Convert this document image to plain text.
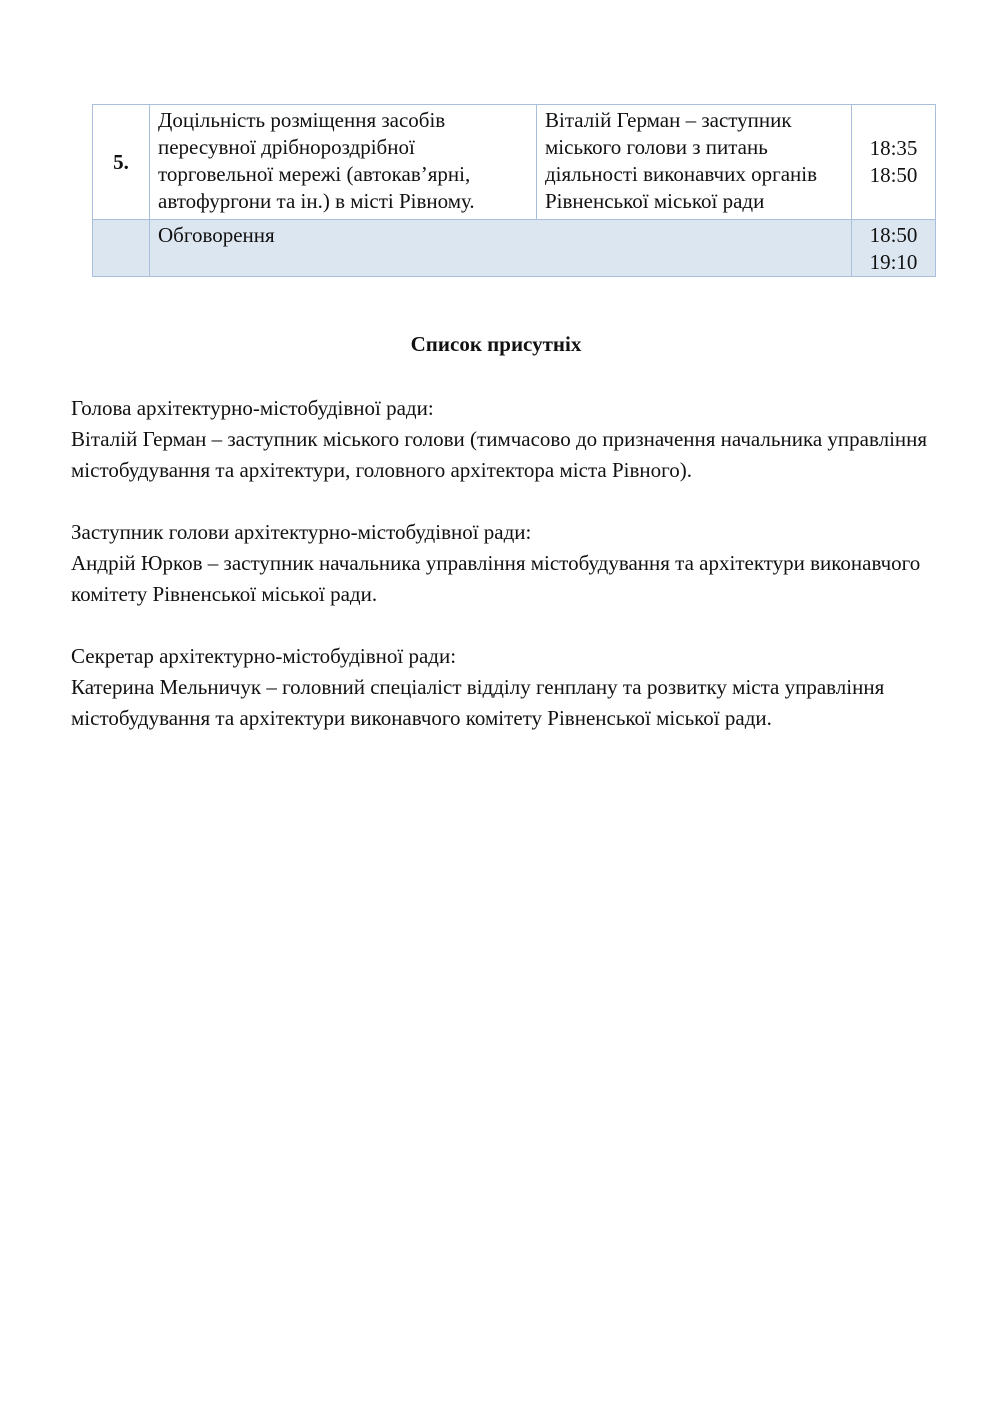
5.	Доцільність розміщення засобів пересувної дрібнороздрібної торговельної мережі (автокав’ярні, автофургони та ін.) в місті Рівному.	Віталій Герман – заступник міського голови з питань діяльності виконавчих органів Рівненської міської ради	18:35
18:50

	Обговорення		18:50
19:10
Список присутніх

Голова архітектурно-містобудівної ради:

Віталій Герман – заступник міського голови (тимчасово до призначення начальника управління містобудування та архітектури, головного архітектора міста Рівного).

Заступник голови архітектурно-містобудівної ради:

Андрій Юрков – заступник начальника управління містобудування та архітектури виконавчого комітету Рівненської міської ради.

Секретар архітектурно-містобудівної ради:

Катерина Мельничук – головний спеціаліст відділу генплану та розвитку міста управління містобудування та архітектури виконавчого комітету Рівненської міської ради.
